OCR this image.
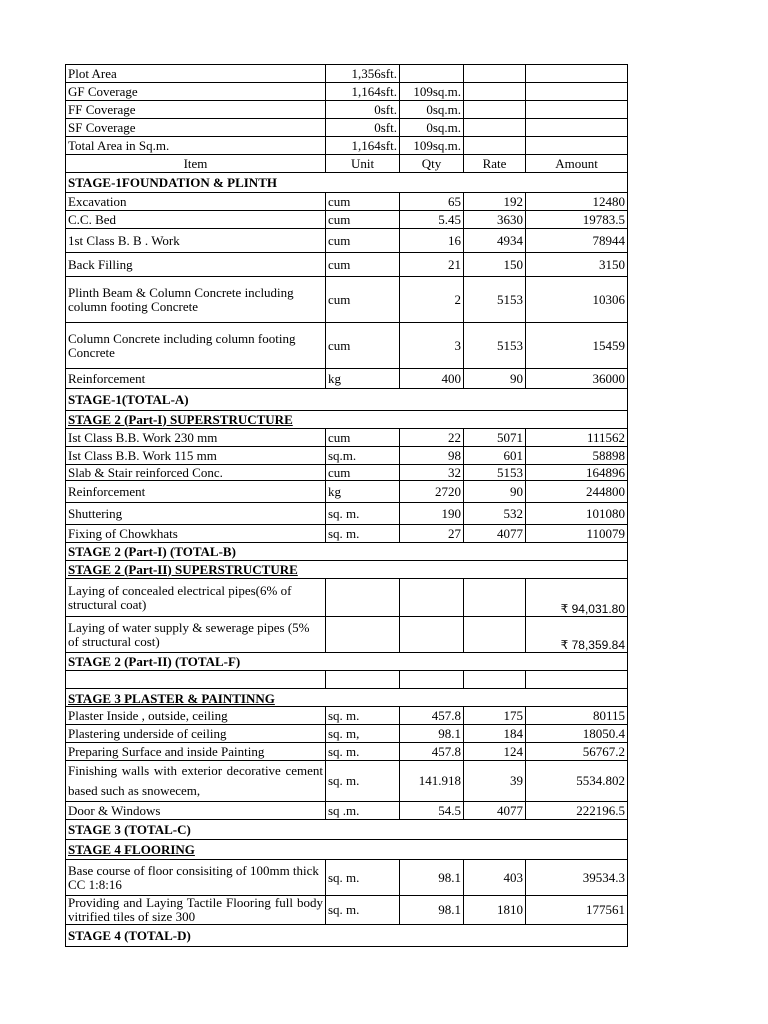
Plot Area	1,356sft.			
GF Coverage	1,164sft.	109sq.m.		
FF Coverage	0sft.	0sq.m.		
SF Coverage	0sft.	0sq.m.		
Total Area in Sq.m.	1,164sft.	109sq.m.		
Item	Unit	Qty	Rate	Amount
STAGE-1FOUNDATION & PLINTH				
Excavation	cum	65	192	12480
C.C. Bed	cum	5.45	3630	19783.5
1st Class B. B . Work	cum	16	4934	78944
Back Filling	cum	21	150	3150
Plinth Beam & Column Concrete including column footing Concrete	cum	2	5153	10306
Column Concrete including column footing Concrete	cum	3	5153	15459
Reinforcement	kg	400	90	36000
STAGE-1(TOTAL-A)				
STAGE 2 (Part-I) SUPERSTRUCTURE				
Ist Class B.B. Work 230 mm	cum	22	5071	111562
Ist Class B.B. Work 115 mm	sq.m.	98	601	58898
Slab & Stair reinforced Conc.	cum	32	5153	164896
Reinforcement	kg	2720	90	244800
Shuttering	sq. m.	190	532	101080
Fixing of Chowkhats	sq. m.	27	4077	110079
STAGE 2 (Part-I) (TOTAL-B)				
STAGE 2 (Part-II) SUPERSTRUCTURE				
Laying of concealed electrical pipes(6% of structural coat)				₹ 94,031.80
Laying of water supply & sewerage pipes (5% of structural cost)				₹ 78,359.84
STAGE 2 (Part-II) (TOTAL-F)				

STAGE 3 PLASTER & PAINTINNG				
Plaster Inside , outside, ceiling	sq. m.	457.8	175	80115
Plastering underside of ceiling	sq. m,	98.1	184	18050.4
Preparing Surface and inside Painting	sq. m.	457.8	124	56767.2
Finishing walls with exterior decorative cement based such as snowecem,	sq. m.	141.918	39	5534.802
Door & Windows	sq .m.	54.5	4077	222196.5
STAGE 3 (TOTAL-C)				
STAGE 4 FLOORING				
Base course of floor consisiting of 100mm thick CC 1:8:16	sq. m.	98.1	403	39534.3
Providing and Laying Tactile Flooring full body vitrified tiles of size 300	sq. m.	98.1	1810	177561
STAGE 4 (TOTAL-D)				
